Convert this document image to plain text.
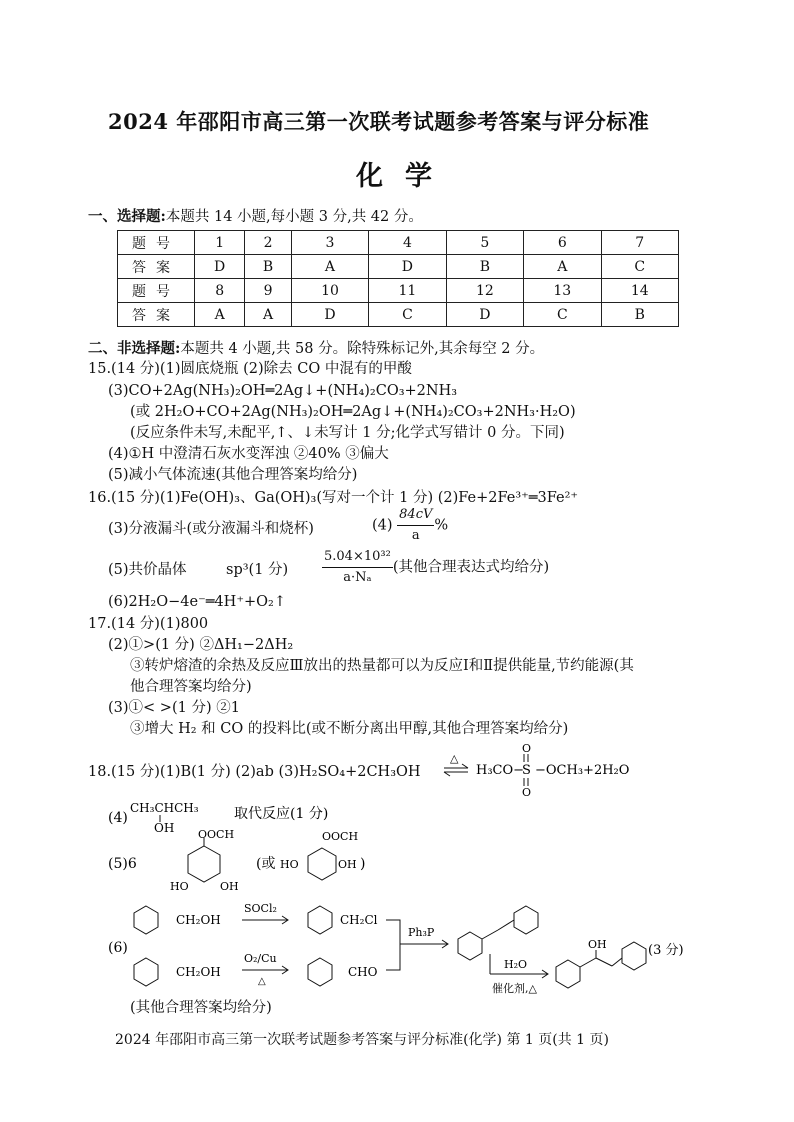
2024 年邵阳市高三第一次联考试题参考答案与评分标准
化学
一、选择题:本题共 14 小题,每小题 3 分,共 42 分。
题号	1	2	3	4	5	6	7
答案	D	B	A	D	B	A	C
题号	8	9	10	11	12	13	14
答案	A	A	D	C	D	C	B
二、非选择题:本题共 4 小题,共 58 分。除特殊标记外,其余每空 2 分。
15.(14 分)(1)圆底烧瓶 (2)除去 CO 中混有的甲酸
(3)CO+2Ag(NH₃)₂OH═2Ag↓+(NH₄)₂CO₃+2NH₃
(或 2H₂O+CO+2Ag(NH₃)₂OH═2Ag↓+(NH₄)₂CO₃+2NH₃·H₂O)
(反应条件未写,未配平,↑、↓未写计 1 分;化学式写错计 0 分。下同)
(4)①H 中澄清石灰水变浑浊 ②40% ③偏大
(5)减小气体流速(其他合理答案均给分)
16.(15 分)(1)Fe(OH)₃、Ga(OH)₃(写对一个计 1 分) (2)Fe+2Fe³⁺═3Fe²⁺
(3)分液漏斗(或分液漏斗和烧杯)	$(4) \frac{84cV}{a}$ %
(5)共价晶体	sp³(1 分)	$\frac{\text{5.04×10³²}}{\text{a·Nₐ}}$ (其他合理表达式均给分)
(6)2H₂O−4e⁻═4H⁺+O₂↑
17.(14 分)(1)800
(2)①>(1 分) ②ΔH₁−2ΔH₂
③转炉熔渣的余热及反应Ⅲ放出的热量都可以为反应Ⅰ和Ⅱ提供能量,节约能源(其
他合理答案均给分)
(3)①< >(1 分) ②1
③增大 H₂ 和 CO 的投料比(或不断分离出甲醇,其他合理答案均给分)
18.(15 分)(1)B(1 分) (2)ab (3)H₂SO₄+2CH₃OH
△
H₃CO−
S −OCH₃+2H₂O
O
O
(4)
CH₃CHCH₃
OH
取代反应(1 分)
(5)6
OOCH
HO	OH
(或 HO
OOCH
OH )
(6)
CH₂OH
SOCl₂
CH₂Cl
CH₂OH
O₂/Cu
△
CHO
Ph₃P
H₂O
催化剂,△
OH	(3 分)
(其他合理答案均给分)
2024 年邵阳市高三第一次联考试题参考答案与评分标准(化学) 第 1 页(共 1 页)
